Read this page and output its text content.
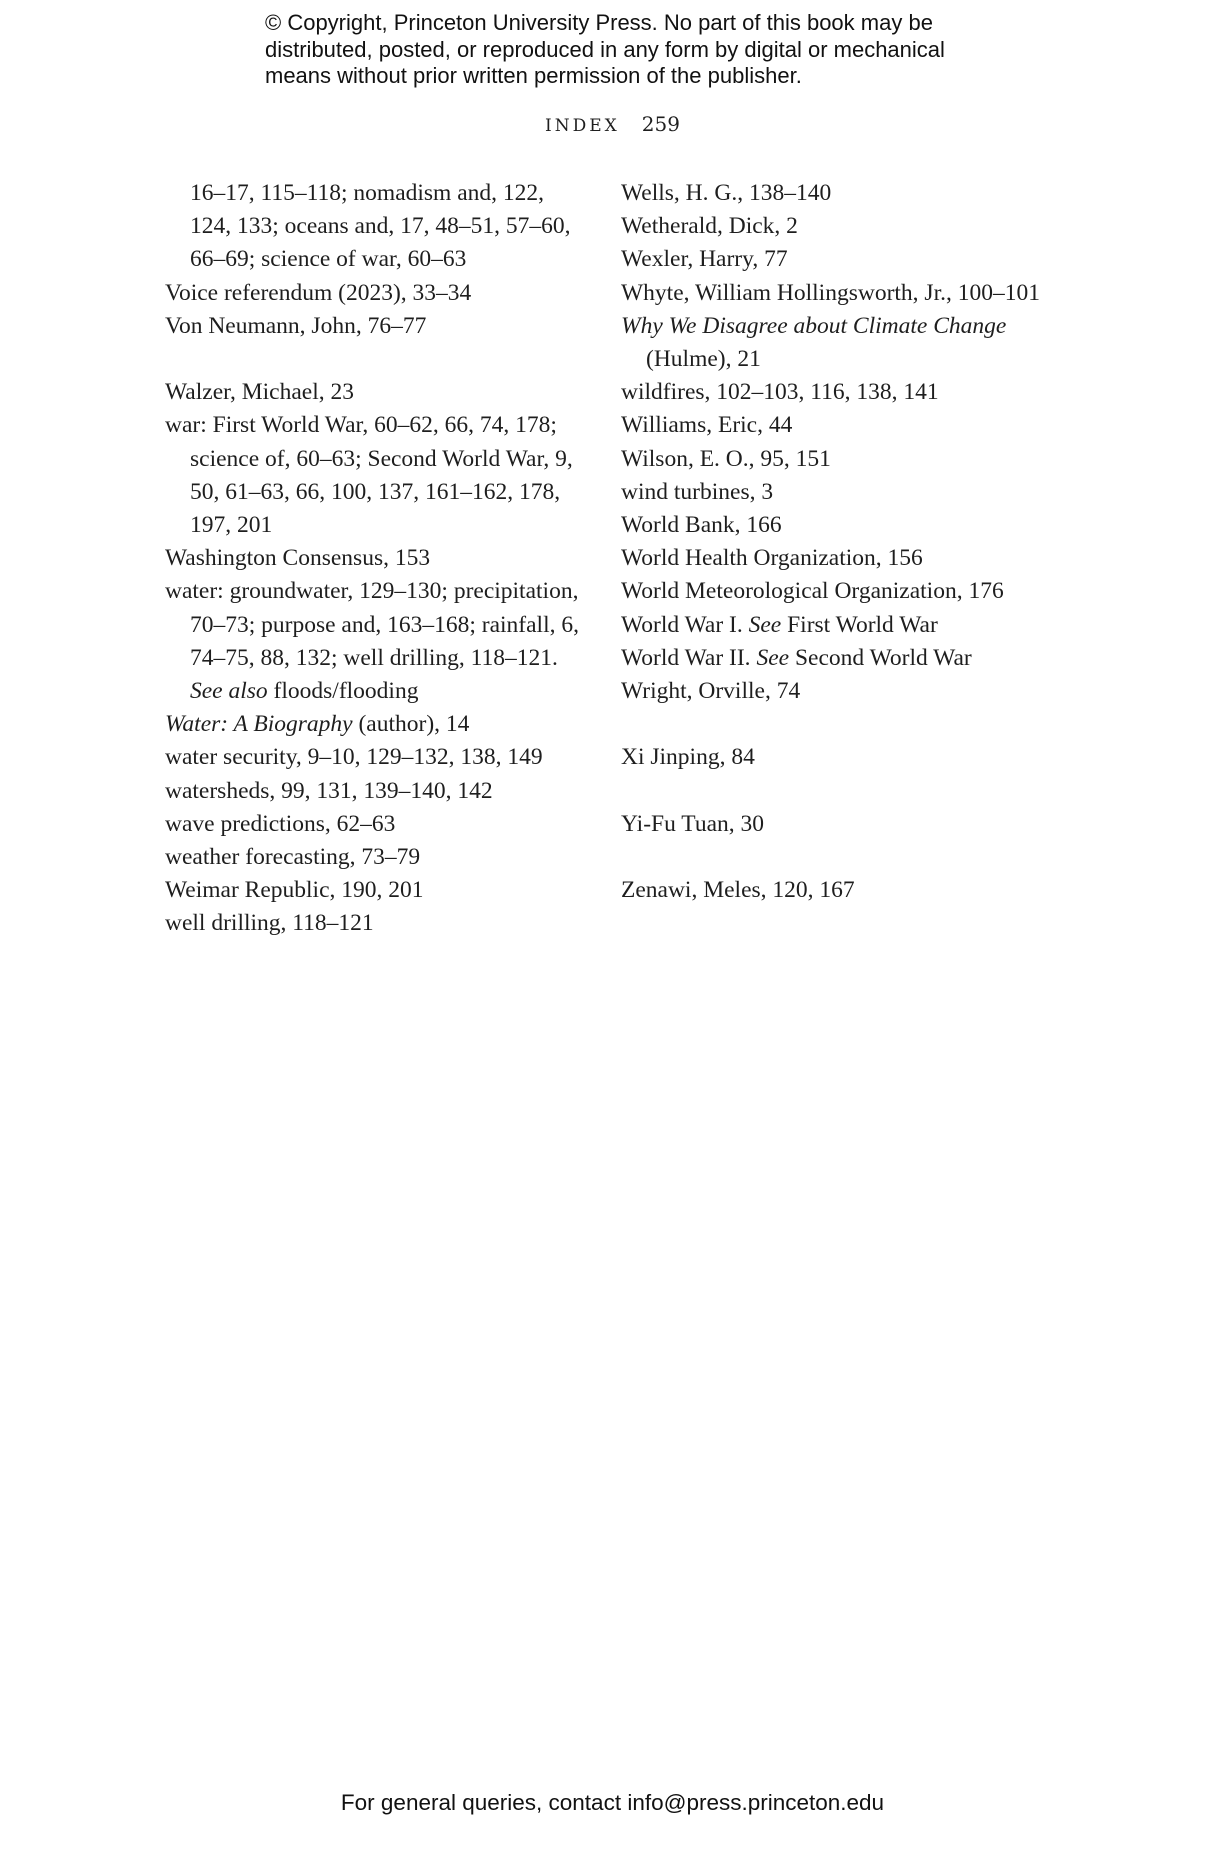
© Copyright, Princeton University Press. No part of this book may be
distributed, posted, or reproduced in any form by digital or mechanical
means without prior written permission of the publisher.
INDEX 259
16–17, 115–118; nomadism and, 122, 124, 133; oceans and, 17, 48–51, 57–60, 66–69; science of war, 60–63
Voice referendum (2023), 33–34
Von Neumann, John, 76–77
Walzer, Michael, 23
war: First World War, 60–62, 66, 74, 178; science of, 60–63; Second World War, 9, 50, 61–63, 66, 100, 137, 161–162, 178, 197, 201
Washington Consensus, 153
water: groundwater, 129–130; precipitation, 70–73; purpose and, 163–168; rainfall, 6, 74–75, 88, 132; well drilling, 118–121. See also floods/flooding
Water: A Biography (author), 14
water security, 9–10, 129–132, 138, 149
watersheds, 99, 131, 139–140, 142
wave predictions, 62–63
weather forecasting, 73–79
Weimar Republic, 190, 201
well drilling, 118–121
Wells, H. G., 138–140
Wetherald, Dick, 2
Wexler, Harry, 77
Whyte, William Hollingsworth, Jr., 100–101
Why We Disagree about Climate Change (Hulme), 21
wildfires, 102–103, 116, 138, 141
Williams, Eric, 44
Wilson, E. O., 95, 151
wind turbines, 3
World Bank, 166
World Health Organization, 156
World Meteorological Organization, 176
World War I. See First World War
World War II. See Second World War
Wright, Orville, 74
Xi Jinping, 84
Yi-Fu Tuan, 30
Zenawi, Meles, 120, 167
For general queries, contact info@press.princeton.edu
